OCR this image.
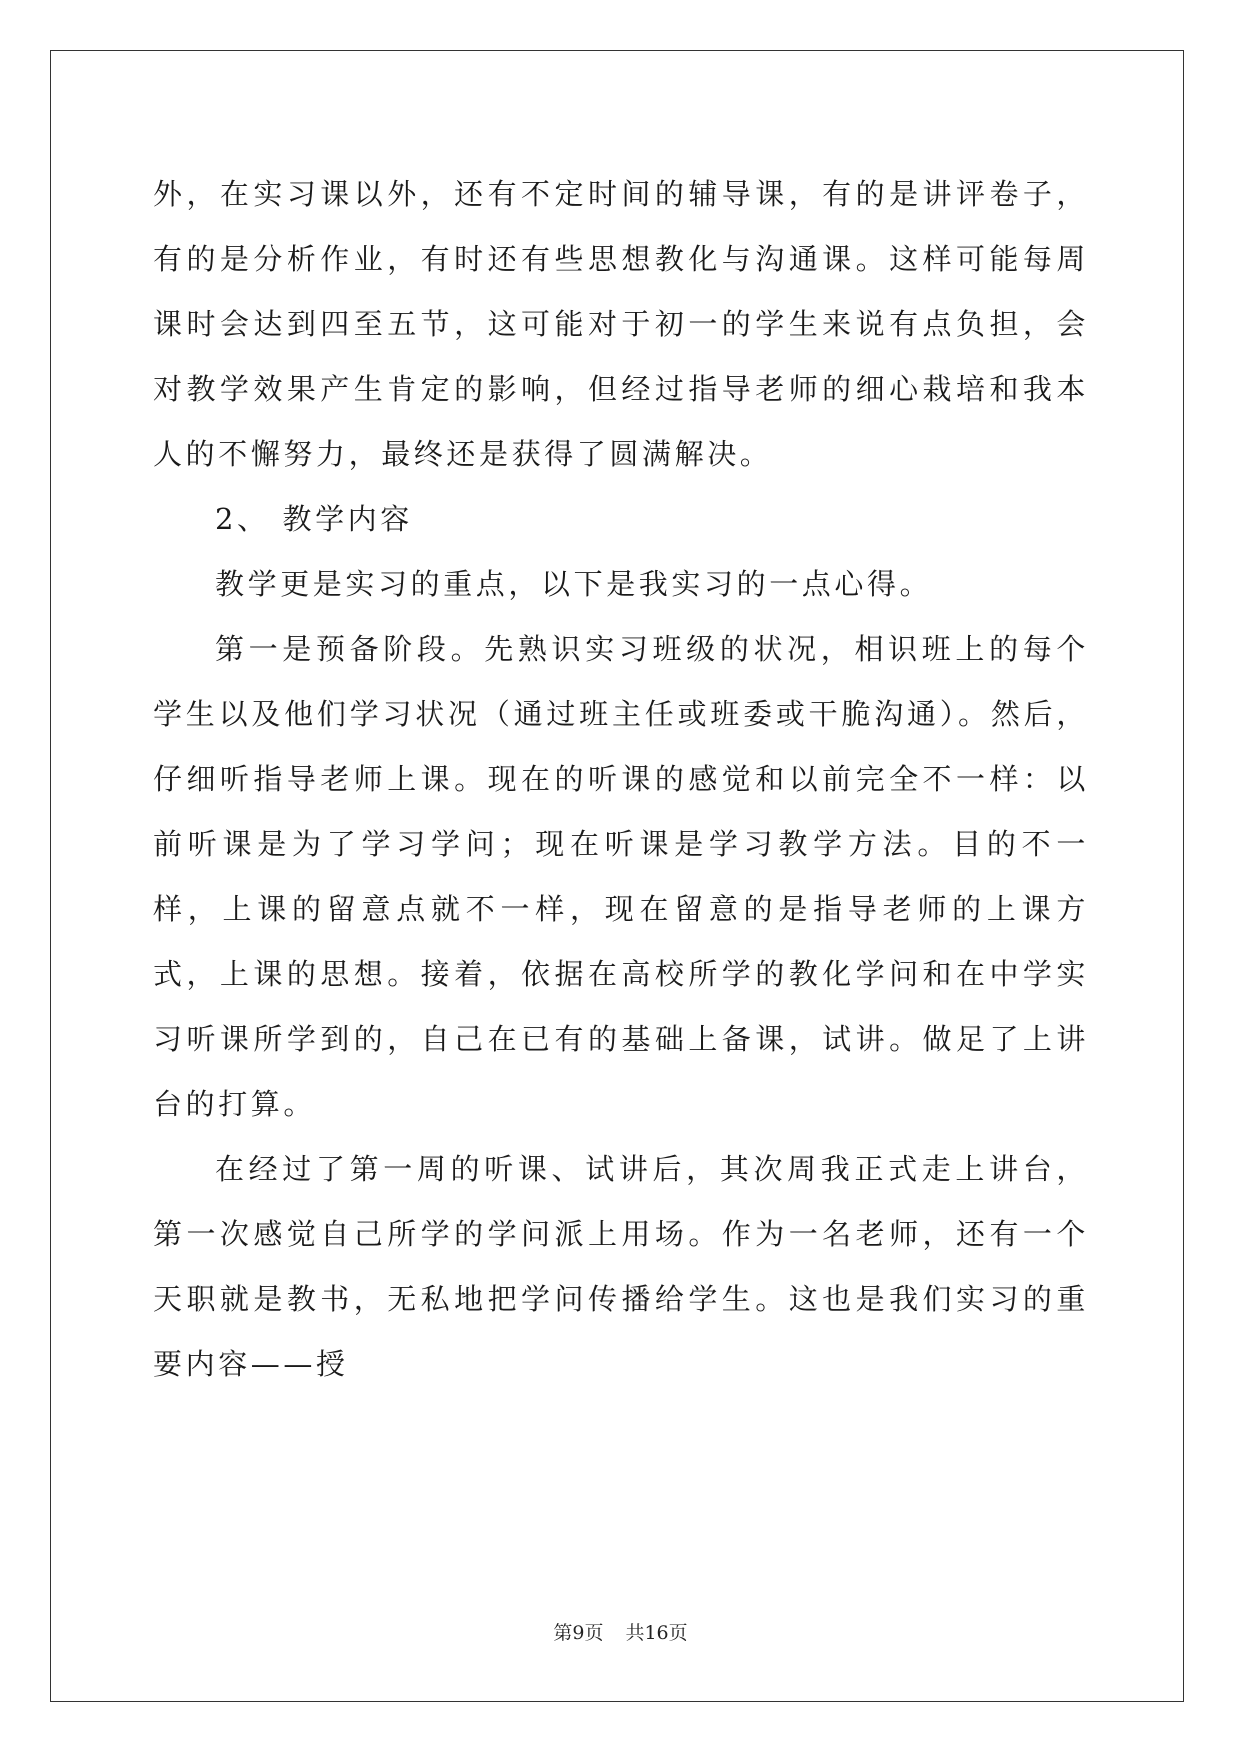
外，在实习课以外，还有不定时间的辅导课，有的是讲评卷子，有的是分析作业，有时还有些思想教化与沟通课。这样可能每周课时会达到四至五节，这可能对于初一的学生来说有点负担，会对教学效果产生肯定的影响，但经过指导老师的细心栽培和我本人的不懈努力，最终还是获得了圆满解决。

2、 教学内容

教学更是实习的重点，以下是我实习的一点心得。

第一是预备阶段。先熟识实习班级的状况，相识班上的每个学生以及他们学习状况（通过班主任或班委或干脆沟通）。然后，仔细听指导老师上课。现在的听课的感觉和以前完全不一样：以前听课是为了学习学问；现在听课是学习教学方法。目的不一样，上课的留意点就不一样，现在留意的是指导老师的上课方式，上课的思想。接着，依据在高校所学的教化学问和在中学实习听课所学到的，自己在已有的基础上备课，试讲。做足了上讲台的打算。

在经过了第一周的听课、试讲后，其次周我正式走上讲台，第一次感觉自己所学的学问派上用场。作为一名老师，还有一个天职就是教书，无私地把学问传播给学生。这也是我们实习的重要内容——授

第9页 共16页
